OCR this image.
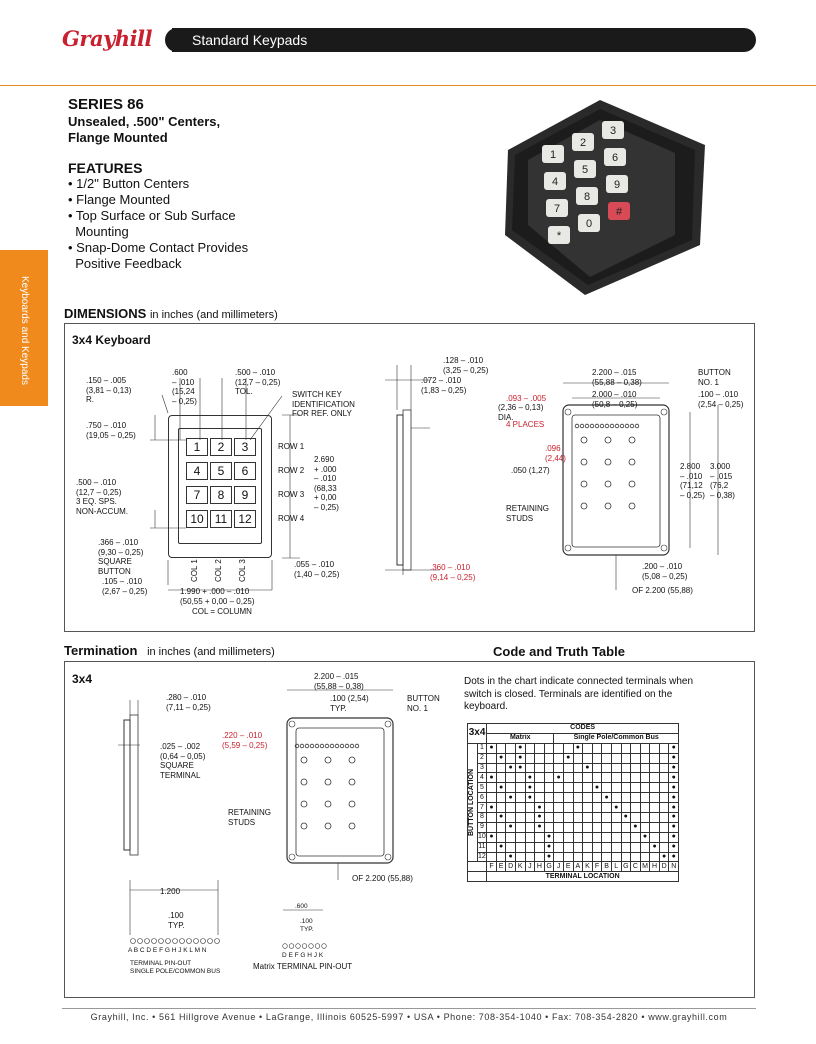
Grayhill	Standard Keypads
Keyboards and Keypads
SERIES 86
Unsealed, .500" Centers,
Flange Mounted
FEATURES
• 1/2" Button Centers
• Flange Mounted
• Top Surface or Sub Surface
Mounting
• Snap-Dome Contact Provides
Positive Feedback
1
2
3
4
5
6
7
8
9
*
0
#
DIMENSIONS in inches (and millimeters)
3x4 Keyboard
1	2	3
4	5	6
7	8	9
10 11 12
.150 – .005
(3,81 – 0,13)
R.
.600
– .010
(15,24
– 0,25)
.500 – .010
(12,7 – 0,25)
TOL.	SWITCH KEY
IDENTIFICATION
FOR REF. ONLY
.750 – .010
(19,05 – 0,25)
ROW 1
ROW 2
ROW 3
ROW 4
2.690
+ .000
– .010
(68,33
+ 0,00
– 0,25)
.500 – .010
(12,7 – 0,25)
3 EQ. SPS.
NON-ACCUM.
.366 – .010
(9,30 – 0,25)
SQUARE
BUTTON
.105 – .010
(2,67 – 0,25)
COL 1 COL 2 COL 3	.055 – .010
(1,40 – 0,25)
1.990 + .000 – .010
(50,55 + 0,00 – 0,25)
COL = COLUMN
.128 – .010
(3,25 – 0,25)
.072 – .010
(1,83 – 0,25)
.093 – .005
(2,36 – 0,13)
DIA.
4 PLACES
.096
(2,44)
.050 (1,27)
RETAINING
STUDS
.360 – .010
(9,14 – 0,25)
2.200 – .015
(55,88 – 0,38)
2.000 – .010
(50,8 – 0,25)
BUTTON
NO. 1
.100 – .010
(2,54 – 0,25)
2.800
– .010
(71,12
– 0,25)
3.000
– .015
(76,2
– 0,38)
.200 – .010
(5,08 – 0,25)
OF 2.200 (55,88)
Termination in inches (and millimeters)	Code and Truth Table
3x4
.280 – .010
(7,11 – 0,25)
.025 – .002
(0,64 – 0,05)
SQUARE
TERMINAL
2.200 – .015
(55,88 – 0,38)
.100 (2,54)
TYP.
BUTTON
NO. 1
.220 – .010
(5,59 – 0,25)
RETAINING
STUDS
OF 2.200 (55,88)
1.200
.100
TYP.
A B C D E F G H J K L M N
TERMINAL PIN-OUT
SINGLE POLE/COMMON BUS
.600
.100
TYP.
D E F G H J K
Matrix TERMINAL PIN-OUT
Dots in the chart indicate connected terminals when switch is closed. Terminals are identified on the keyboard.
3x4		CODES																			
		Matrix							Single Pole/Common Bus												

BUTTON LOCATION	1	●			●						●										●
	2		●		●					●											●
	3			●	●							●									●
	4	●				●			●												●
	5		●			●							●								●
	6			●		●								●							●
	7	●					●								●						●
	8		●				●									●					●
	9			●			●										●				●
	10	●						●										●			●
	11		●					●											●		●
	12			●				●												●	●
		F	E	D	K	J	H	G	J	E	A	K	F	B	L	G	C	M	H	D	N
		TERMINAL LOCATION																			
Grayhill, Inc. • 561 Hillgrove Avenue • LaGrange, Illinois 60525-5997 • USA • Phone: 708-354-1040 • Fax: 708-354-2820 • www.grayhill.com
